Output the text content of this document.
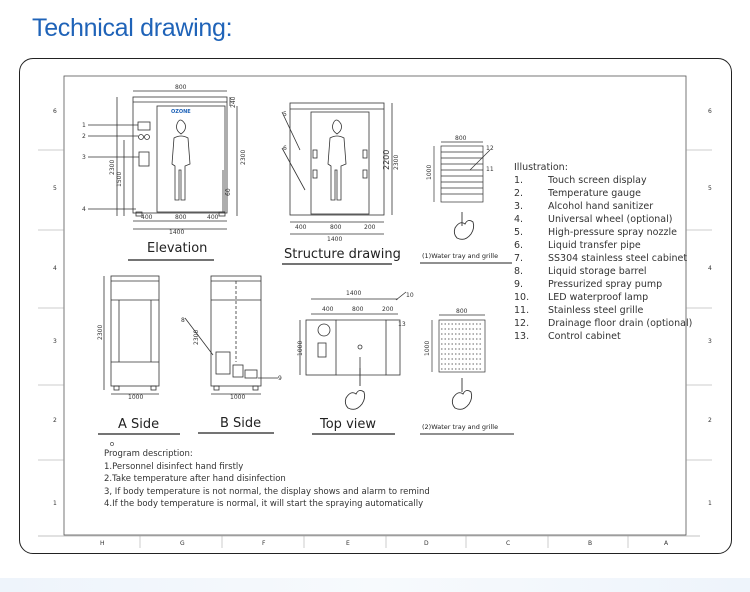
Technical drawing:
H	G	F	E	D	C	B	A
6
5
4
3
2
1
6
5
4
3
2
1
800
400	800	400
1400
2300
1500
240
2300
60
1
2
3
4
OZONE
Elevation
400	800	200
1400
2200 2300
5
6
Structure drawing
800
1000
12
11
(1)Water tray and grille
Illustration:
1.	Touch screen display
2.	Temperature gauge
3.	Alcohol hand sanitizer
4.	Universal wheel (optional)
5.	High-pressure spray nozzle
6.	Liquid transfer pipe
7.	SS304 stainless steel cabinet
8.	Liquid storage barrel
9.	Pressurized spray pump
10. LED waterproof lamp
11. Stainless steel grille
12. Drainage floor drain (optional)
13. Control cabinet
2300
1000
A Side
2300
1000
9
8
B Side
1400
400	800	200
1000
10
13
Top view
800
1000
(2)Water tray and grille
Program description:
1.Personnel disinfect hand firstly
2.Take temperature after hand disinfection
3, If body temperature is not normal, the display shows and alarm to remind
4.If the body temperature is normal, it will start the spraying automatically
